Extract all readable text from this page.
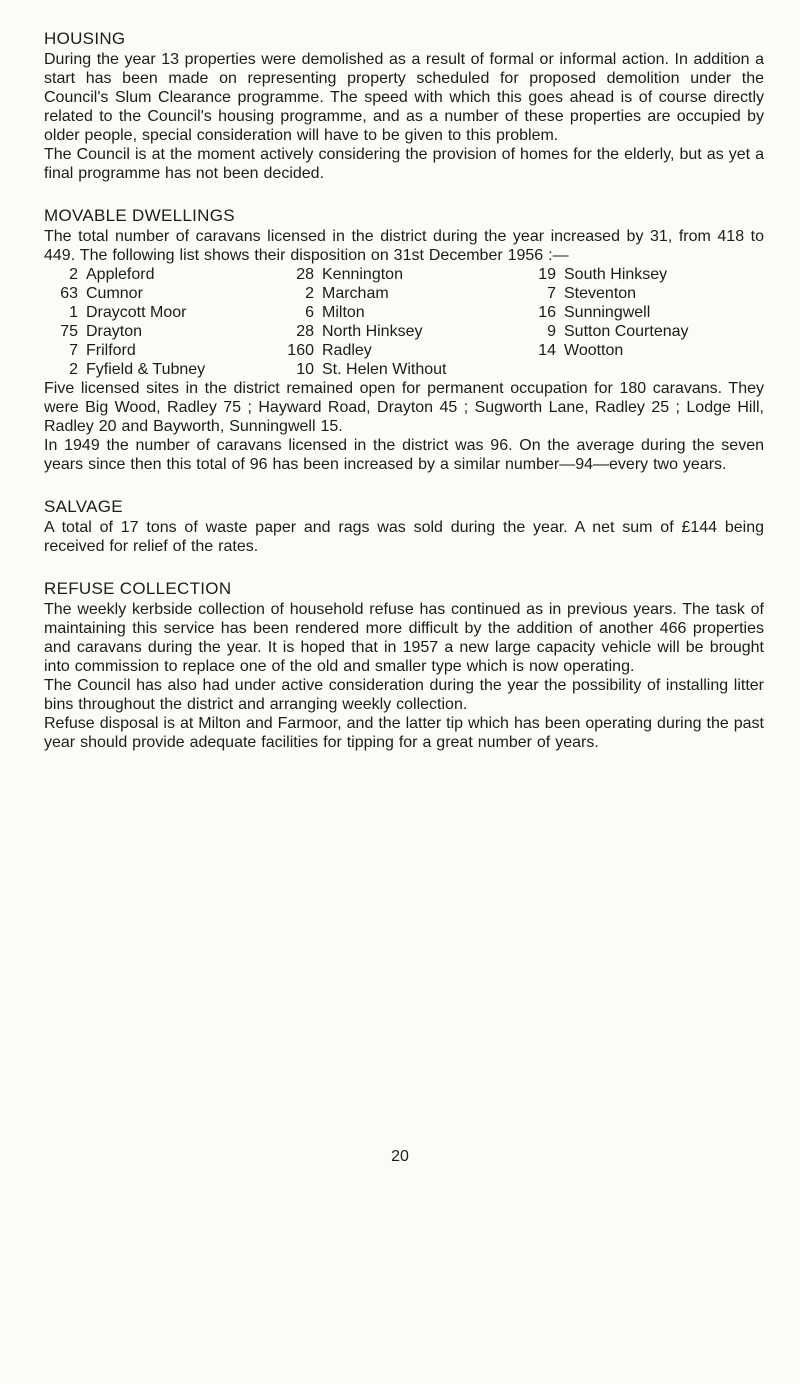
HOUSING

During the year 13 properties were demolished as a result of formal or informal action. In addition a start has been made on representing property scheduled for proposed demolition under the Council's Slum Clearance programme. The speed with which this goes ahead is of course directly related to the Council's housing programme, and as a number of these properties are occupied by older people, special consideration will have to be given to this problem.

The Council is at the moment actively considering the provision of homes for the elderly, but as yet a final programme has not been decided.

MOVABLE DWELLINGS

The total number of caravans licensed in the district during the year increased by 31, from 418 to 449. The following list shows their disposition on 31st December 1956 :—

2 Appleford	28 Kennington	19 South Hinksey
63 Cumnor	2 Marcham	7 Steventon
1 Draycott Moor	6 Milton	16 Sunningwell
75 Drayton	28 North Hinksey	9 Sutton Courtenay
7 Frilford	160 Radley	14 Wootton
2 Fyfield & Tubney	10 St. Helen Without

Five licensed sites in the district remained open for permanent occupation for 180 caravans. They were Big Wood, Radley 75 ; Hayward Road, Drayton 45 ; Sugworth Lane, Radley 25 ; Lodge Hill, Radley 20 and Bayworth, Sunningwell 15.

In 1949 the number of caravans licensed in the district was 96. On the average during the seven years since then this total of 96 has been increased by a similar number—94—every two years.

SALVAGE

A total of 17 tons of waste paper and rags was sold during the year. A net sum of £144 being received for relief of the rates.

REFUSE COLLECTION

The weekly kerbside collection of household refuse has continued as in previous years. The task of maintaining this service has been rendered more difficult by the addition of another 466 properties and caravans during the year. It is hoped that in 1957 a new large capacity vehicle will be brought into commission to replace one of the old and smaller type which is now operating.

The Council has also had under active consideration during the year the possibility of installing litter bins throughout the district and arranging weekly collection.

Refuse disposal is at Milton and Farmoor, and the latter tip which has been operating during the past year should provide adequate facilities for tipping for a great number of years.

20
